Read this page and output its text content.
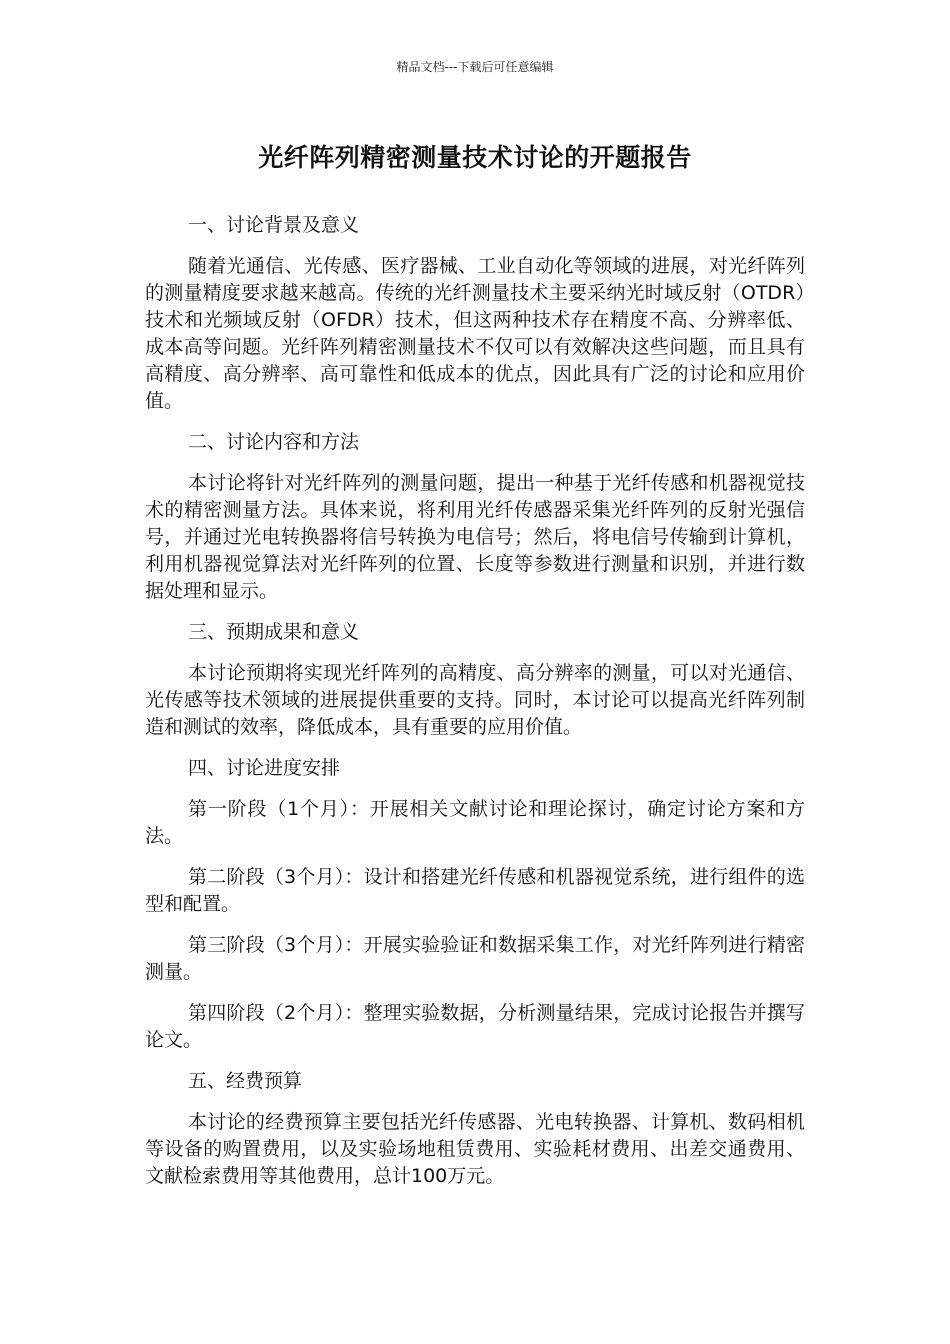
精品文档---下载后可任意编辑
光纤阵列精密测量技术讨论的开题报告

一、讨论背景及意义

随着光通信、光传感、医疗器械、工业自动化等领域的进展，对光纤阵列的测量精度要求越来越高。传统的光纤测量技术主要采纳光时域反射（OTDR）技术和光频域反射（OFDR）技术，但这两种技术存在精度不高、分辨率低、成本高等问题。光纤阵列精密测量技术不仅可以有效解决这些问题，而且具有高精度、高分辨率、高可靠性和低成本的优点，因此具有广泛的讨论和应用价值。

二、讨论内容和方法

本讨论将针对光纤阵列的测量问题，提出一种基于光纤传感和机器视觉技术的精密测量方法。具体来说，将利用光纤传感器采集光纤阵列的反射光强信号，并通过光电转换器将信号转换为电信号；然后，将电信号传输到计算机，利用机器视觉算法对光纤阵列的位置、长度等参数进行测量和识别，并进行数据处理和显示。

三、预期成果和意义

本讨论预期将实现光纤阵列的高精度、高分辨率的测量，可以对光通信、光传感等技术领域的进展提供重要的支持。同时，本讨论可以提高光纤阵列制造和测试的效率，降低成本，具有重要的应用价值。

四、讨论进度安排

第一阶段（1个月）：开展相关文献讨论和理论探讨，确定讨论方案和方法。

第二阶段（3个月）：设计和搭建光纤传感和机器视觉系统，进行组件的选型和配置。

第三阶段（3个月）：开展实验验证和数据采集工作，对光纤阵列进行精密测量。

第四阶段（2个月）：整理实验数据，分析测量结果，完成讨论报告并撰写论文。

五、经费预算

本讨论的经费预算主要包括光纤传感器、光电转换器、计算机、数码相机等设备的购置费用，以及实验场地租赁费用、实验耗材费用、出差交通费用、文献检索费用等其他费用，总计100万元。
